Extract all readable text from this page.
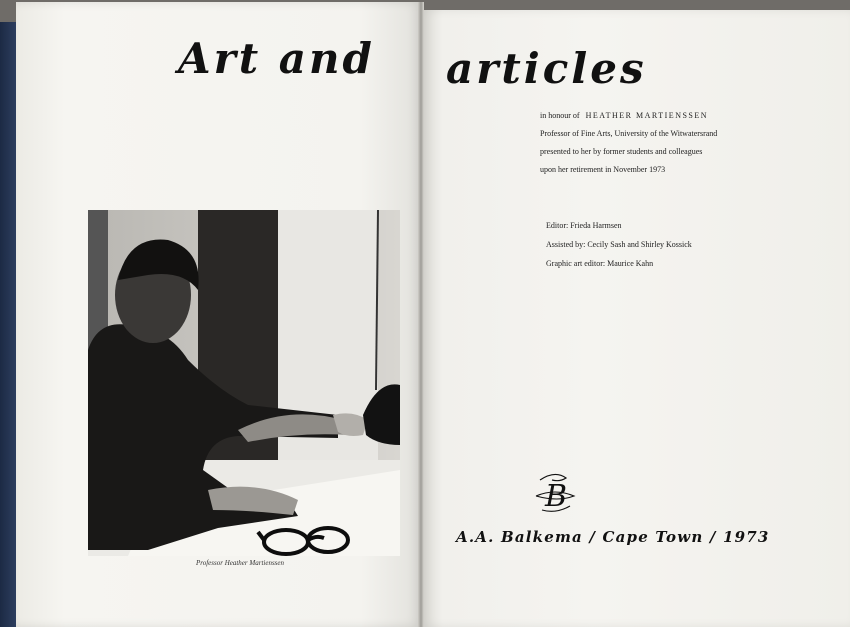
Art and articles
Professor Heather Martienssen
in honour of HEATHER MARTIENSSEN
Professor of Fine Arts, University of the Witwatersrand
presented to her by former students and colleagues
upon her retirement in November 1973
Editor: Frieda Harmsen
Assisted by: Cecily Sash and Shirley Kossick
Graphic art editor: Maurice Kahn
B
A.A. Balkema / Cape Town / 1973
